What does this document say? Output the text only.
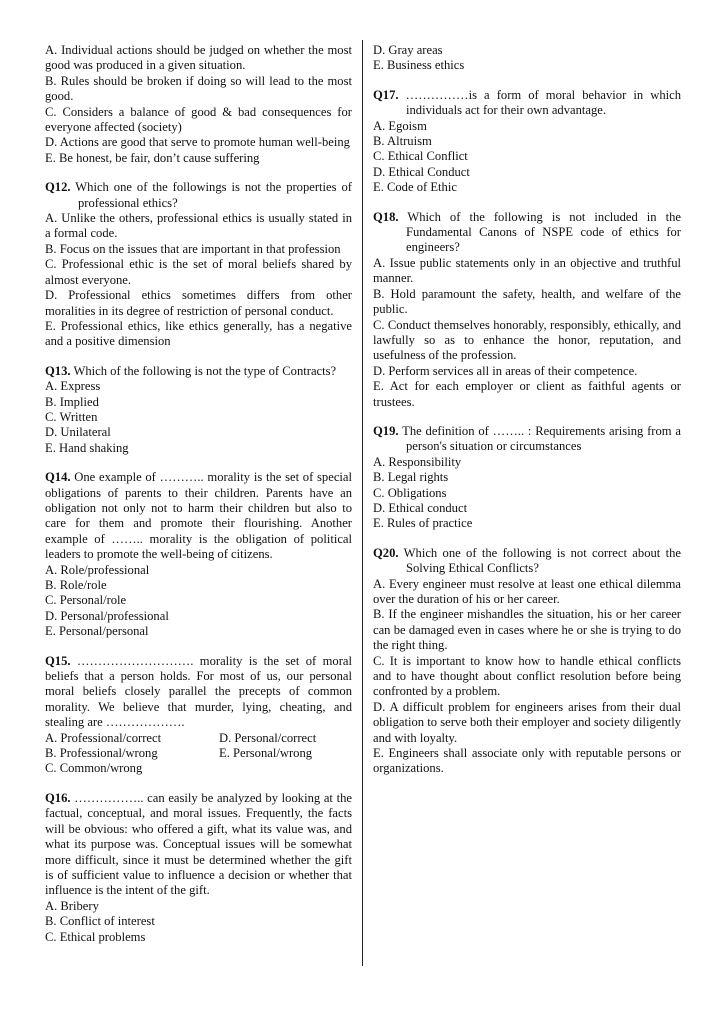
A. Individual actions should be judged on whether the most good was produced in a given situation.
B. Rules should be broken if doing so will lead to the most good.
C. Considers a balance of good & bad consequences for everyone affected (society)
D. Actions are good that serve to promote human well-being
E. Be honest, be fair, don’t cause suffering
Q12. Which one of the followings is not the properties of professional ethics?
A. Unlike the others, professional ethics is usually stated in a formal code.
B. Focus on the issues that are important in that profession
C. Professional ethic is the set of moral beliefs shared by almost everyone.
D. Professional ethics sometimes differs from other moralities in its degree of restriction of personal conduct.
E. Professional ethics, like ethics generally, has a negative and a positive dimension
Q13. Which of the following is not the type of Contracts?
A. Express
B. Implied
C. Written
D. Unilateral
E. Hand shaking
Q14. One example of ……….. morality is the set of special obligations of parents to their children. Parents have an obligation not only not to harm their children but also to care for them and promote their flourishing. Another example of …….. morality is the obligation of political leaders to promote the well-being of citizens.
A. Role/professional
B. Role/role
C. Personal/role
D. Personal/professional
E. Personal/personal
Q15. ………………………. morality is the set of moral beliefs that a person holds. For most of us, our personal moral beliefs closely parallel the precepts of common morality. We believe that murder, lying, cheating, and stealing are ……………….
A. Professional/correct	D. Personal/correct
B. Professional/wrong	E. Personal/wrong
C. Common/wrong
Q16. …………….. can easily be analyzed by looking at the factual, conceptual, and moral issues. Frequently, the facts will be obvious: who offered a gift, what its value was, and what its purpose was. Conceptual issues will be somewhat more difficult, since it must be determined whether the gift is of sufficient value to influence a decision or whether that influence is the intent of the gift.
A. Bribery
B. Conflict of interest
C. Ethical problems
D. Gray areas
E. Business ethics
Q17. ……………is a form of moral behavior in which individuals act for their own advantage.
A. Egoism
B. Altruism
C. Ethical Conflict
D. Ethical Conduct
E. Code of Ethic
Q18. Which of the following is not included in the Fundamental Canons of NSPE code of ethics for engineers?
A. Issue public statements only in an objective and truthful manner.
B. Hold paramount the safety, health, and welfare of the public.
C. Conduct themselves honorably, responsibly, ethically, and lawfully so as to enhance the honor, reputation, and usefulness of the profession.
D. Perform services all in areas of their competence.
E. Act for each employer or client as faithful agents or trustees.
Q19. The definition of …….. : Requirements arising from a person's situation or circumstances
A. Responsibility
B. Legal rights
C. Obligations
D. Ethical conduct
E. Rules of practice
Q20. Which one of the following is not correct about the Solving Ethical Conflicts?
A. Every engineer must resolve at least one ethical dilemma over the duration of his or her career.
B. If the engineer mishandles the situation, his or her career can be damaged even in cases where he or she is trying to do the right thing.
C. It is important to know how to handle ethical conflicts and to have thought about conflict resolution before being confronted by a problem.
D. A difficult problem for engineers arises from their dual obligation to serve both their employer and society diligently and with loyalty.
E. Engineers shall associate only with reputable persons or organizations.
